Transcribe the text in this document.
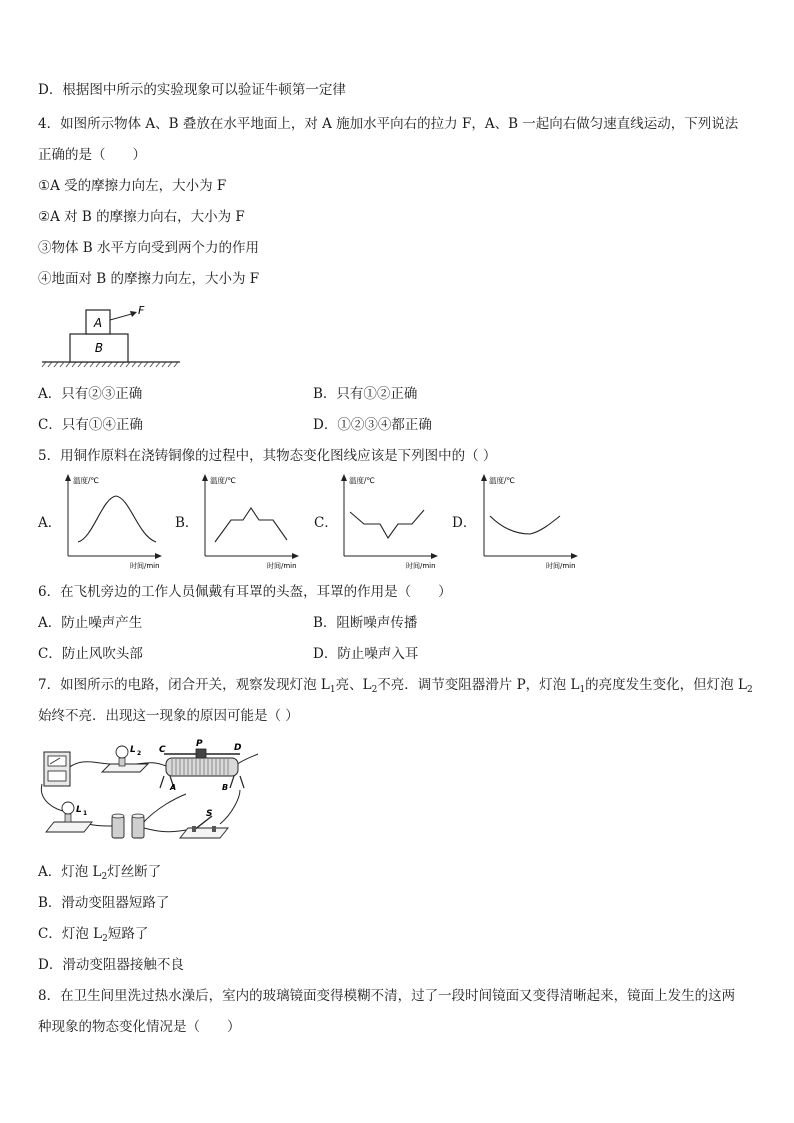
D．根据图中所示的实验现象可以验证牛顿第一定律
4．如图所示物体 A、B 叠放在水平地面上，对 A 施加水平向右的拉力 F，A、B 一起向右做匀速直线运动，下列说法
正确的是（　　）
①A 受的摩擦力向左，大小为 F
②A 对 B 的摩擦力向右，大小为 F
③物体 B 水平方向受到两个力的作用
④地面对 B 的摩擦力向左，大小为 F
A
B
F
A．只有②③正确	B．只有①②正确
C．只有①④正确	D．①②③④都正确
5．用铜作原料在浇铸铜像的过程中，其物态变化图线应该是下列图中的（ ）
A．
温度/℃
时间/min
B．
温度/℃
时间/min
C．
温度/℃
时间/min
D．
温度/℃
时间/min
6．在飞机旁边的工作人员佩戴有耳罩的头盔，耳罩的作用是（　　）
A．防止噪声产生	B．阻断噪声传播
C．防止风吹头部	D．防止噪声入耳
7．如图所示的电路，闭合开关，观察发现灯泡 $L_1$亮、$L_2$不亮．调节变阻器滑片 P，灯泡 $L_1$的亮度发生变化，但灯泡 $L_2$
始终不亮．出现这一现象的原因可能是（ ）
L 2 C
P	D
A	B
L 1	S
A．灯泡 $L_2$灯丝断了
B．滑动变阻器短路了
C．灯泡 $L_2$短路了
D．滑动变阻器接触不良
8．在卫生间里洗过热水澡后，室内的玻璃镜面变得模糊不清，过了一段时间镜面又变得清晰起来，镜面上发生的这两
种现象的物态变化情况是（　　）
